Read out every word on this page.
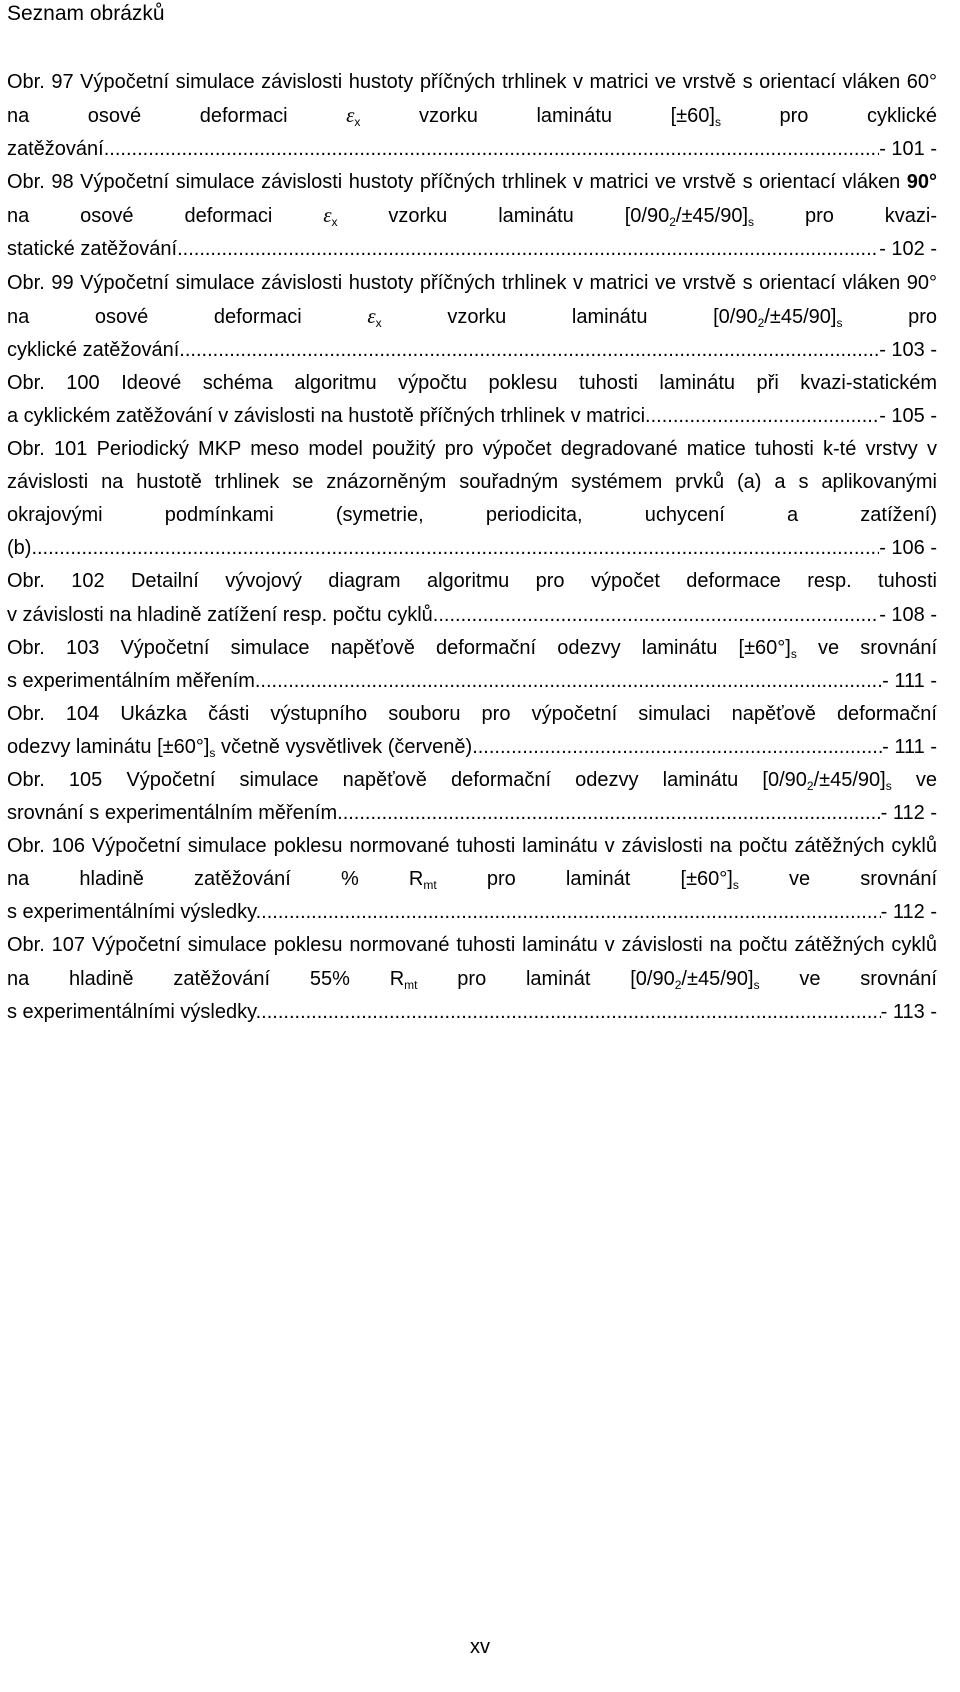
Seznam obrázků
Obr. 97 Výpočetní simulace závislosti hustoty příčných trhlinek v matrici ve vrstvě s orientací vláken 60° na osové deformaci $\varepsilon_x$ vzorku laminátu $[\pm 60]_s$ pro cyklické
zatěžování .....	- 101 -
Obr. 98 Výpočetní simulace závislosti hustoty příčných trhlinek v matrici ve vrstvě s orientací vláken 90° na osové deformaci $\varepsilon_x$ vzorku laminátu $[0/90_2/\pm 45/90]_s$ pro kvazi-
statické zatěžování .....	- 102 -
Obr. 99 Výpočetní simulace závislosti hustoty příčných trhlinek v matrici ve vrstvě s orientací vláken 90° na osové deformaci $\varepsilon_x$ vzorku laminátu $[0/90_2/\pm 45/90]_s$ pro
cyklické zatěžování .....	- 103 -
Obr. 100 Ideové schéma algoritmu výpočtu poklesu tuhosti laminátu při kvazi-statickém
a cyklickém zatěžování v závislosti na hustotě příčných trhlinek v matrici .....	- 105 -
Obr. 101 Periodický MKP meso model použitý pro výpočet degradované matice tuhosti k-té vrstvy v závislosti na hustotě trhlinek se znázorněným souřadným systémem prvků (a) a s aplikovanými okrajovými podmínkami (symetrie, periodicita, uchycení a zatížení)
(b). .....	- 106 -
Obr. 102 Detailní vývojový diagram algoritmu pro výpočet deformace resp. tuhosti
v závislosti na hladině zatížení resp. počtu cyklů .....	- 108 -
Obr. 103 Výpočetní simulace napěťově deformační odezvy laminátu $[\pm 60^\circ]_s$ ve srovnání
s experimentálním měřením. .....	- 111 -
Obr. 104 Ukázka části výstupního souboru pro výpočetní simulaci napěťově deformační
odezvy laminátu $[\pm 60^\circ]_s$ včetně vysvětlivek (červeně) .....	- 111 -
Obr. 105 Výpočetní simulace napěťově deformační odezvy laminátu $[0/90_2/\pm 45/90]_s$ ve
srovnání s experimentálním měřením. .....	- 112 -
Obr. 106 Výpočetní simulace poklesu normované tuhosti laminátu v závislosti na počtu zátěžných cyklů na hladině zatěžování % $R_{mt}$ pro laminát $[\pm 60^\circ]_s$ ve srovnání
s experimentálními výsledky. .....	- 112 -
Obr. 107 Výpočetní simulace poklesu normované tuhosti laminátu v závislosti na počtu zátěžných cyklů na hladině zatěžování 55% $R_{mt}$ pro laminát $[0/90_2/\pm 45/90]_s$ ve srovnání
s experimentálními výsledky. .....	- 113 -
xv
